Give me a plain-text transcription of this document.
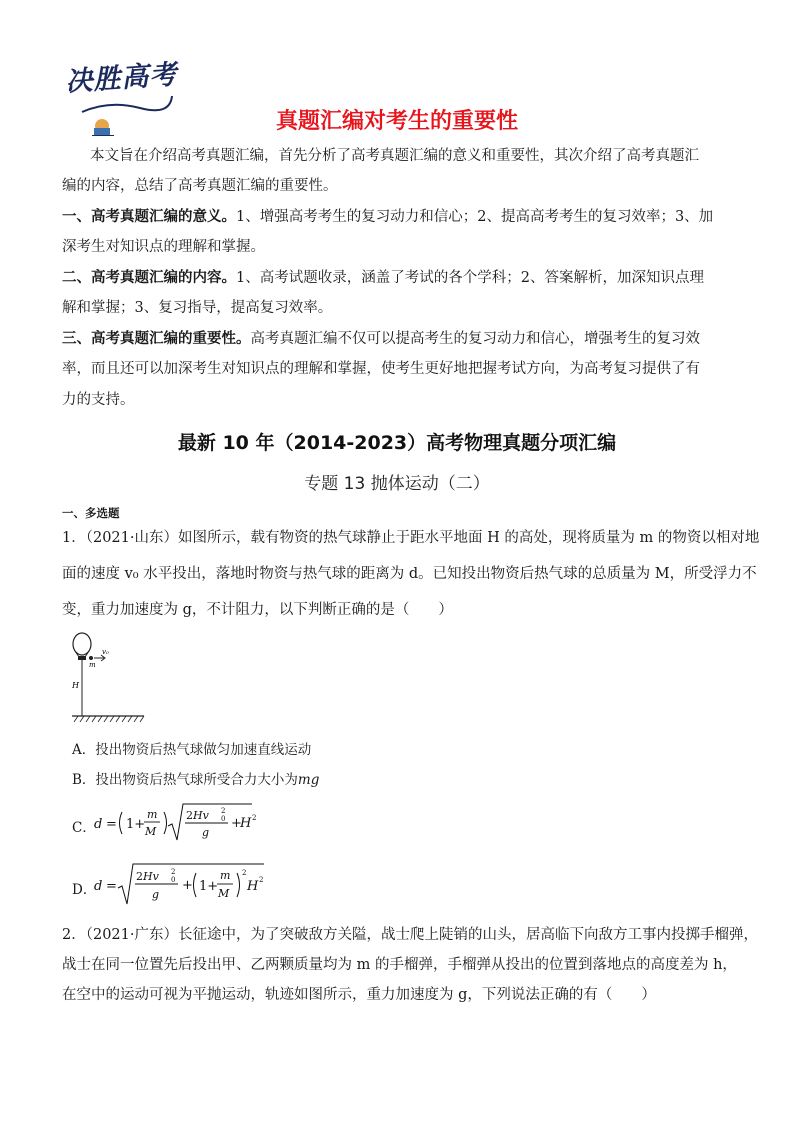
决胜高考
真题汇编对考生的重要性

本文旨在介绍高考真题汇编，首先分析了高考真题汇编的意义和重要性，其次介绍了高考真题汇

编的内容，总结了高考真题汇编的重要性。

一、高考真题汇编的意义。1、增强高考考生的复习动力和信心；2、提高高考考生的复习效率；3、加

深考生对知识点的理解和掌握。

二、高考真题汇编的内容。1、高考试题收录，涵盖了考试的各个学科；2、答案解析，加深知识点理

解和掌握；3、复习指导，提高复习效率。

三、高考真题汇编的重要性。高考真题汇编不仅可以提高考生的复习动力和信心，增强考生的复习效

率，而且还可以加深考生对知识点的理解和掌握，使考生更好地把握考试方向，为高考复习提供了有

力的支持。

最新 10 年（2014-2023）高考物理真题分项汇编
专题 13 抛体运动（二）
一、多选题

1．（2021·山东）如图所示，载有物资的热气球静止于距水平地面 H 的高处，现将质量为 m 的物资以相对地

面的速度 v₀ 水平投出，落地时物资与热气球的距离为 d。已知投出物资后热气球的总质量为 M，所受浮力不

变，重力加速度为 g，不计阻力，以下判断正确的是（　　）

v₀
m
H
A．投出物资后热气球做匀加速直线运动
B．投出物资后热气球所受合力大小为mg
C．
d = 1+
m
M
2Hv 2
0
g
+
H 2
D．
d =
2Hv 2
0
g
+ 1+
m
M
2
H 2

2．（2021·广东）长征途中，为了突破敌方关隘，战士爬上陡销的山头，居高临下向敌方工事内投掷手榴弹，

战士在同一位置先后投出甲、乙两颗质量均为 m 的手榴弹，手榴弹从投出的位置到落地点的高度差为 h，

在空中的运动可视为平抛运动，轨迹如图所示，重力加速度为 g，下列说法正确的有（　　）
